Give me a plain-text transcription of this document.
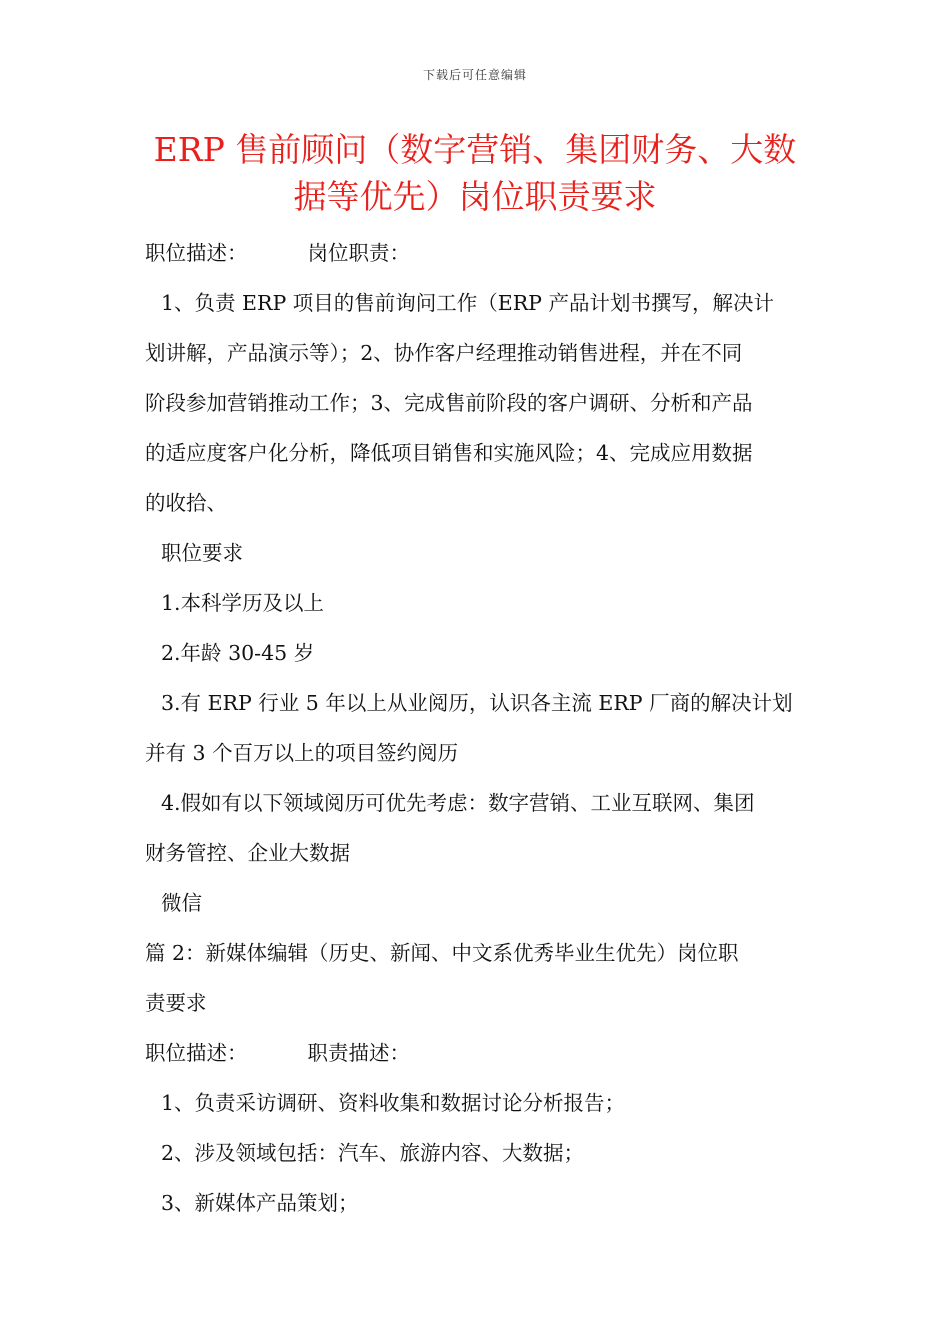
下载后可任意编辑
ERP 售前顾问（数字营销、集团财务、大数
据等优先）岗位职责要求

职位描述：	岗位职责：

1、负责 ERP 项目的售前询问工作（ERP 产品计划书撰写，解决计

划讲解，产品演示等）；2、协作客户经理推动销售进程，并在不同

阶段参加营销推动工作；3、完成售前阶段的客户调研、分析和产品

的适应度客户化分析，降低项目销售和实施风险；4、完成应用数据

的收拾、

职位要求

1.本科学历及以上

2.年龄 30-45 岁

3.有 ERP 行业 5 年以上从业阅历，认识各主流 ERP 厂商的解决计划

并有 3 个百万以上的项目签约阅历

4.假如有以下领域阅历可优先考虑：数字营销、工业互联网、集团

财务管控、企业大数据

微信

篇 2：新媒体编辑（历史、新闻、中文系优秀毕业生优先）岗位职

责要求

职位描述：	职责描述：

1、负责采访调研、资料收集和数据讨论分析报告；

2、涉及领域包括：汽车、旅游内容、大数据；

3、新媒体产品策划；
